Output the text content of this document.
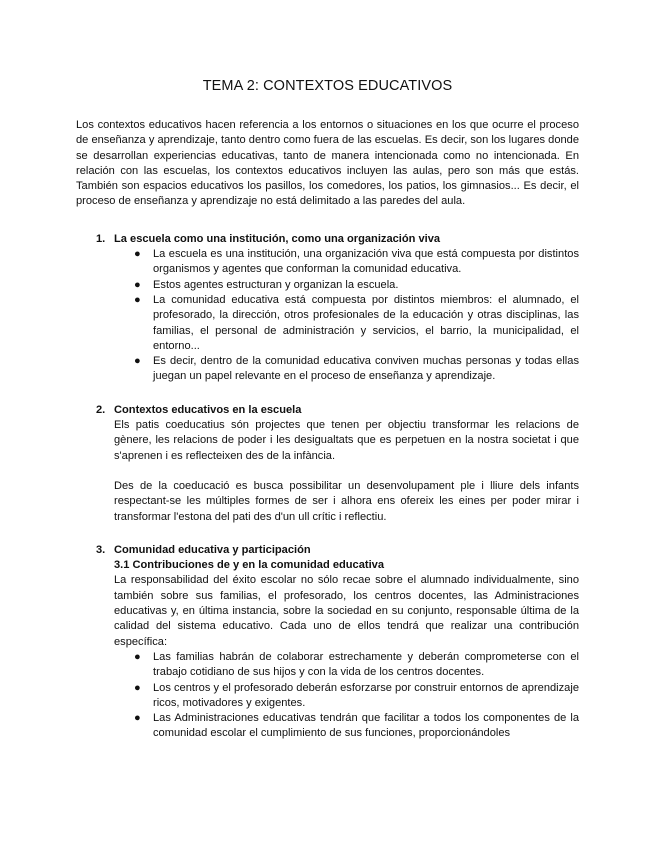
TEMA 2: CONTEXTOS EDUCATIVOS

Los contextos educativos hacen referencia a los entornos o situaciones en los que ocurre el proceso de enseñanza y aprendizaje, tanto dentro como fuera de las escuelas. Es decir, son los lugares donde se desarrollan experiencias educativas, tanto de manera intencionada como no intencionada. En relación con las escuelas, los contextos educativos incluyen las aulas, pero son más que estás. También son espacios educativos los pasillos, los comedores, los patios, los gimnasios... Es decir, el proceso de enseñanza y aprendizaje no está delimitado a las paredes del aula.

1. La escuela como una institución, como una organización viva
● La escuela es una institución, una organización viva que está compuesta por distintos organismos y agentes que conforman la comunidad educativa.
● Estos agentes estructuran y organizan la escuela.
● La comunidad educativa está compuesta por distintos miembros: el alumnado, el profesorado, la dirección, otros profesionales de la educación y otras disciplinas, las familias, el personal de administración y servicios, el barrio, la municipalidad, el entorno...
● Es decir, dentro de la comunidad educativa conviven muchas personas y todas ellas juegan un papel relevante en el proceso de enseñanza y aprendizaje.
2. Contextos educativos en la escuela

Els patis coeducatius són projectes que tenen per objectiu transformar les relacions de gènere, les relacions de poder i les desigualtats que es perpetuen en la nostra societat i que s'aprenen i es reflecteixen des de la infància.

Des de la coeducació es busca possibilitar un desenvolupament ple i lliure dels infants respectant-se les múltiples formes de ser i alhora ens ofereix les eines per poder mirar i transformar l'estona del pati des d'un ull crític i reflectiu.

3. Comunidad educativa y participación
3.1 Contribuciones de y en la comunidad educativa

La responsabilidad del éxito escolar no sólo recae sobre el alumnado individualmente, sino también sobre sus familias, el profesorado, los centros docentes, las Administraciones educativas y, en última instancia, sobre la sociedad en su conjunto, responsable última de la calidad del sistema educativo. Cada uno de ellos tendrá que realizar una contribución específica:

● Las familias habrán de colaborar estrechamente y deberán comprometerse con el trabajo cotidiano de sus hijos y con la vida de los centros docentes.
● Los centros y el profesorado deberán esforzarse por construir entornos de aprendizaje ricos, motivadores y exigentes.
● Las Administraciones educativas tendrán que facilitar a todos los componentes de la comunidad escolar el cumplimiento de sus funciones, proporcionándoles
